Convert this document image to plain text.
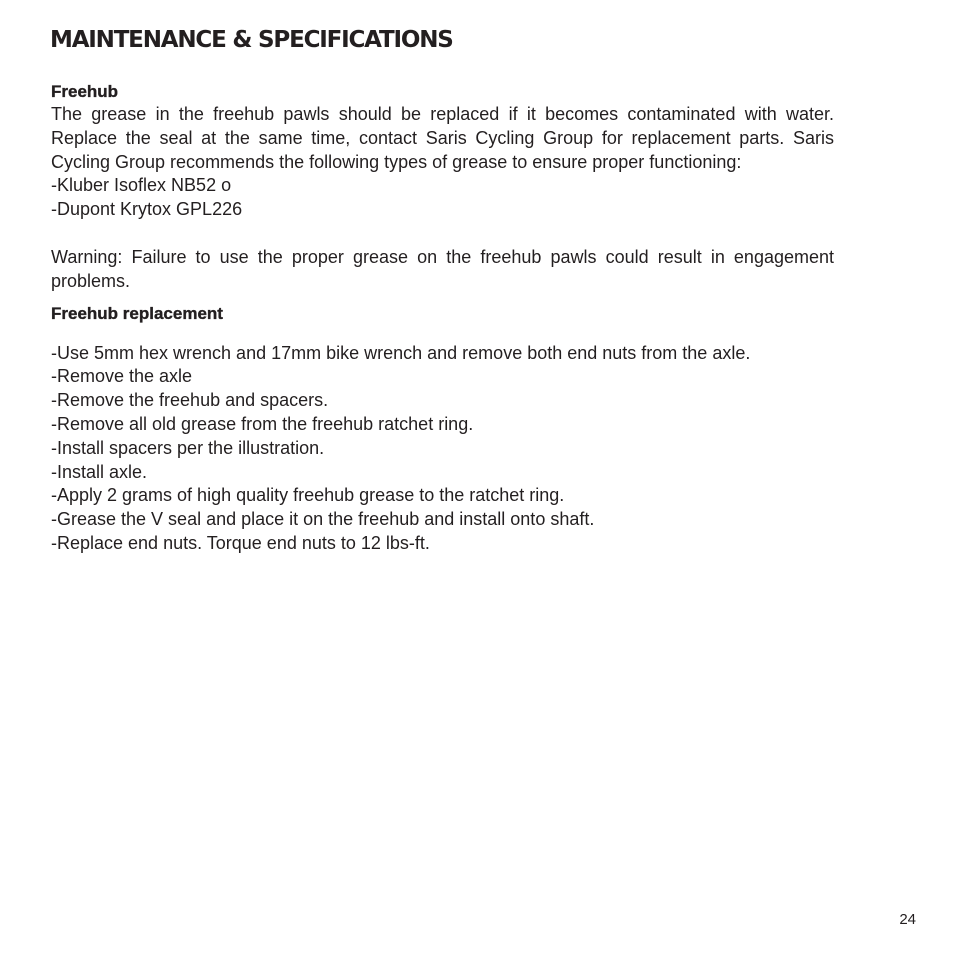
MAINTENANCE & SPECIFICATIONS
Freehub

The grease in the freehub pawls should be replaced if it becomes contaminated with water. Replace the seal at the same time, contact Saris Cycling Group for replacement parts. Saris Cycling Group recommends the following types of grease to ensure proper functioning:

-Kluber Isoflex NB52 o
-Dupont Krytox GPL226

Warning: Failure to use the proper grease on the freehub pawls could result in engagement problems.

Freehub replacement
-Use 5mm hex wrench and 17mm bike wrench and remove both end nuts from the axle.
-Remove the axle
-Remove the freehub and spacers.
-Remove all old grease from the freehub ratchet ring.
-Install spacers per the illustration.
-Install axle.
-Apply 2 grams of high quality freehub grease to the ratchet ring.
-Grease the V seal and place it on the freehub and install onto shaft.
-Replace end nuts. Torque end nuts to 12 lbs-ft.
24
